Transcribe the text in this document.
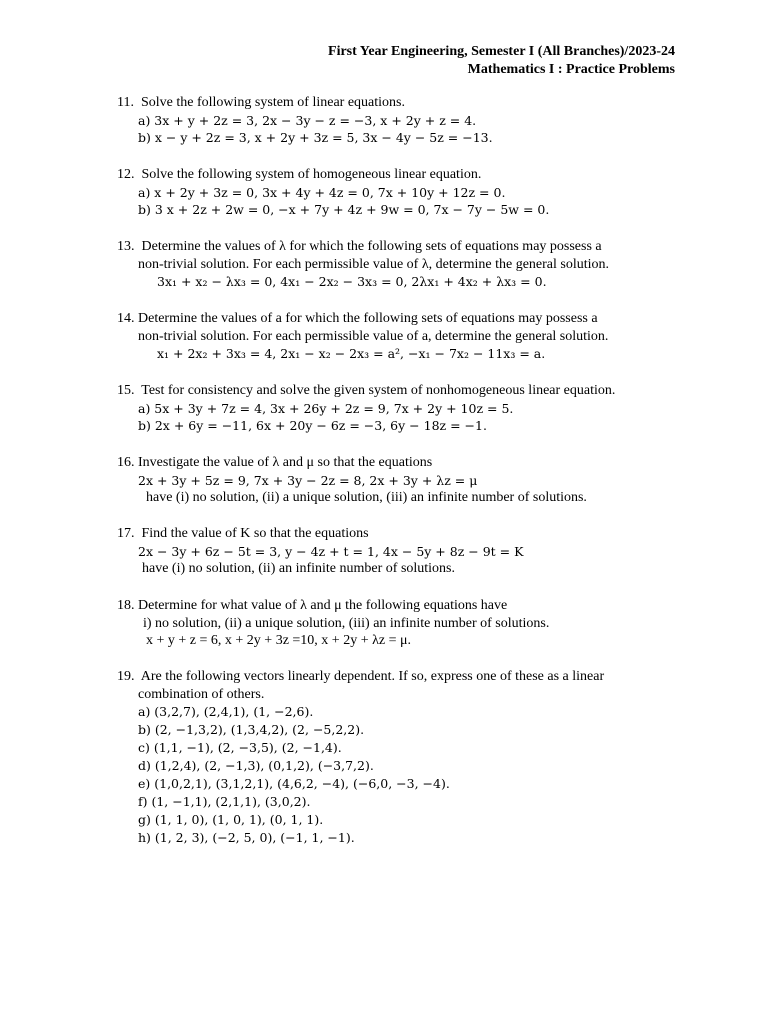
First Year Engineering, Semester I (All Branches)/2023-24
Mathematics I : Practice Problems
11. Solve the following system of linear equations.
a) 3x + y + 2z = 3, 2x − 3y − z = −3, x + 2y + z = 4.
b) x − y + 2z = 3, x + 2y + 3z = 5, 3x − 4y − 5z = −13.
12. Solve the following system of homogeneous linear equation.
a) x + 2y + 3z = 0, 3x + 4y + 4z = 0, 7x + 10y + 12z = 0.
b) 3 x + 2z + 2w = 0, −x + 7y + 4z + 9w = 0, 7x − 7y − 5w = 0.
13. Determine the values of λ for which the following sets of equations may possess a
non-trivial solution. For each permissible value of λ, determine the general solution.
3x₁ + x₂ − λx₃ = 0, 4x₁ − 2x₂ − 3x₃ = 0, 2λx₁ + 4x₂ + λx₃ = 0.
14. Determine the values of a for which the following sets of equations may possess a
non-trivial solution. For each permissible value of a, determine the general solution.
x₁ + 2x₂ + 3x₃ = 4, 2x₁ − x₂ − 2x₃ = a², −x₁ − 7x₂ − 11x₃ = a.
15. Test for consistency and solve the given system of nonhomogeneous linear equation.
a) 5x + 3y + 7z = 4, 3x + 26y + 2z = 9, 7x + 2y + 10z = 5.
b) 2x + 6y = −11, 6x + 20y − 6z = −3, 6y − 18z = −1.
16. Investigate the value of λ and μ so that the equations
2x + 3y + 5z = 9, 7x + 3y − 2z = 8, 2x + 3y + λz = μ
have (i) no solution, (ii) a unique solution, (iii) an infinite number of solutions.
17. Find the value of K so that the equations
2x − 3y + 6z − 5t = 3, y − 4z + t = 1, 4x − 5y + 8z − 9t = K
have (i) no solution, (ii) an infinite number of solutions.
18. Determine for what value of λ and μ the following equations have
i) no solution, (ii) a unique solution, (iii) an infinite number of solutions.
x + y + z = 6, x + 2y + 3z =10, x + 2y + λz = μ.
19. Are the following vectors linearly dependent. If so, express one of these as a linear
combination of others.
a) (3,2,7), (2,4,1), (1, −2,6).
b) (2, −1,3,2), (1,3,4,2), (2, −5,2,2).
c) (1,1, −1), (2, −3,5), (2, −1,4).
d) (1,2,4), (2, −1,3), (0,1,2), (−3,7,2).
e) (1,0,2,1), (3,1,2,1), (4,6,2, −4), (−6,0, −3, −4).
f) (1, −1,1), (2,1,1), (3,0,2).
g) (1, 1, 0), (1, 0, 1), (0, 1, 1).
h) (1, 2, 3), (−2, 5, 0), (−1, 1, −1).
